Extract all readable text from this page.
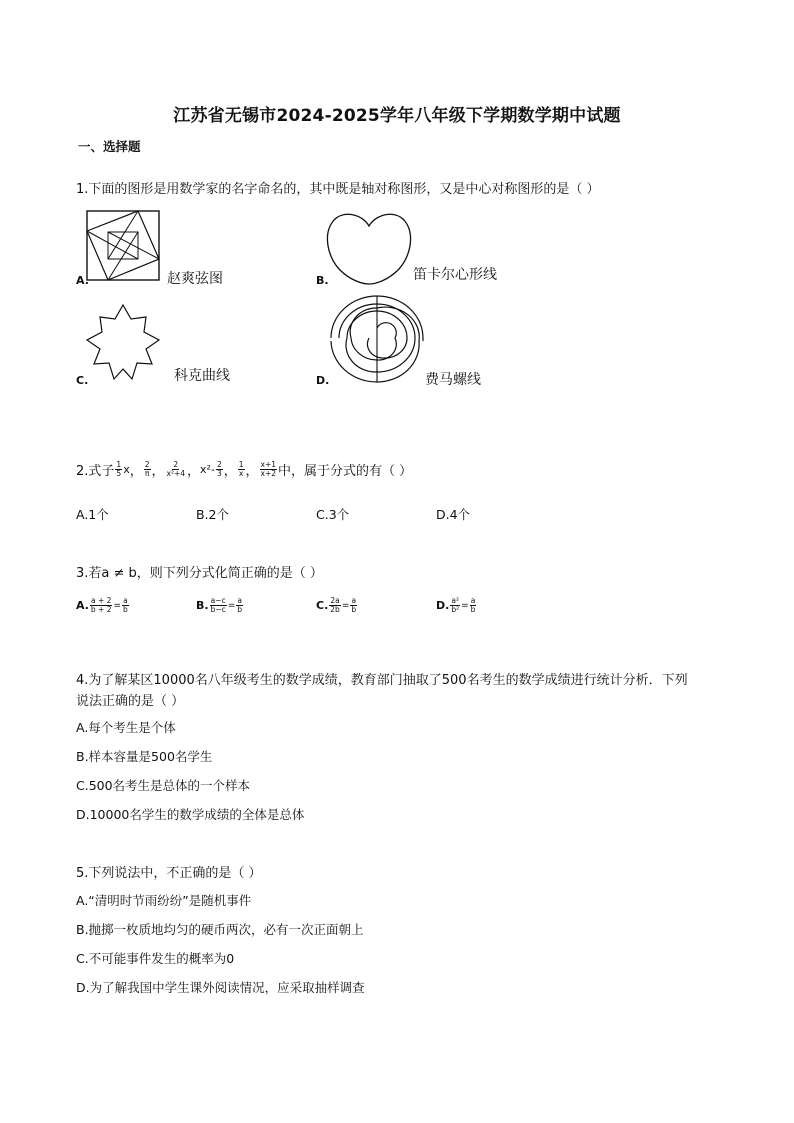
江苏省无锡市2024-2025学年八年级下学期数学期中试题
一、选择题
1.下面的图形是用数学家的名字命名的，其中既是轴对称图形，又是中心对称图形的是（ ）
A.	赵爽弦图	B.	笛卡尔心形线
C.	科克曲线	D.	费马螺线
2.式子 $\frac{1}{5}$ x， $\frac{2}{\pi}$ ， $\frac{2}{\text{x²+4}}$ ，$x^2- \frac{2}{3}$ ， $\frac{1}{x}$ ， $\frac{x+1}{x+2}$ 中，属于分式的有（ ）
A.1个	B.2个	C.3个	D.4个
3.若a ≠ b，则下列分式化简正确的是（ ）
A. $\frac{a + 2}{b + 2} = \frac{a}{b}$	B. $\frac{a-c}{b-c} = \frac{a}{b}$	C. $\frac{2a}{2b} = \frac{a}{b}$	D. $\frac{\text{a²}}{\text{b²}} = \frac{a}{b}$
4.为了解某区10000名八年级考生的数学成绩，教育部门抽取了500名考生的数学成绩进行统计分析．下列
说法正确的是（ ）
A.每个考生是个体
B.样本容量是500名学生
C.500名考生是总体的一个样本
D.10000名学生的数学成绩的全体是总体
5.下列说法中，不正确的是（ ）
A.“清明时节雨纷纷”是随机事件
B.抛掷一枚质地均匀的硬币两次，必有一次正面朝上
C.不可能事件发生的概率为0
D.为了解我国中学生课外阅读情况，应采取抽样调查
